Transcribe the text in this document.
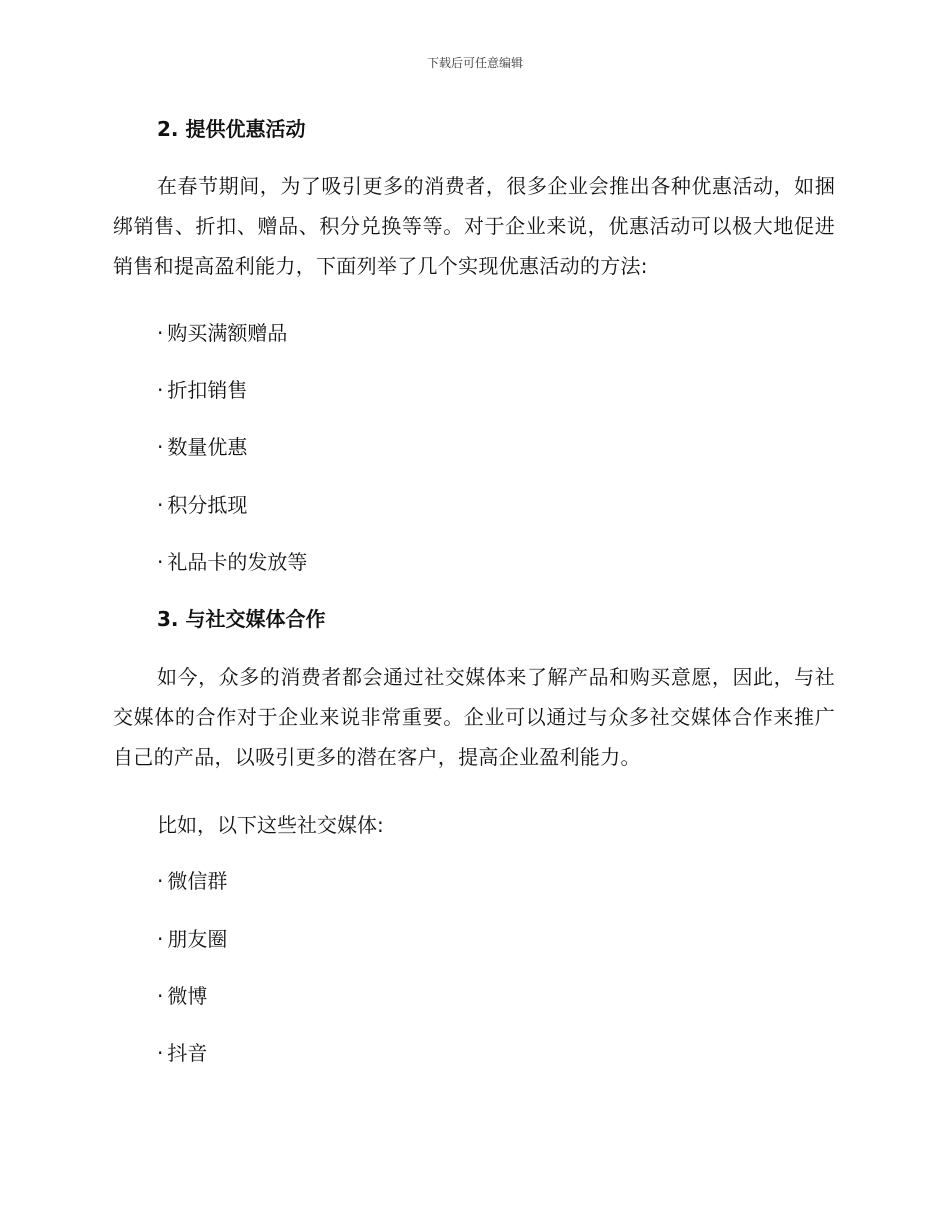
下载后可任意编辑
2. 提供优惠活动
在春节期间，为了吸引更多的消费者，很多企业会推出各种优惠活动，如捆绑销售、折扣、赠品、积分兑换等等。对于企业来说，优惠活动可以极大地促进销售和提高盈利能力，下面列举了几个实现优惠活动的方法:
· 购买满额赠品
· 折扣销售
· 数量优惠
· 积分抵现
· 礼品卡的发放等
3. 与社交媒体合作
如今，众多的消费者都会通过社交媒体来了解产品和购买意愿，因此，与社交媒体的合作对于企业来说非常重要。企业可以通过与众多社交媒体合作来推广自己的产品，以吸引更多的潜在客户，提高企业盈利能力。
比如，以下这些社交媒体:
· 微信群
· 朋友圈
· 微博
· 抖音
